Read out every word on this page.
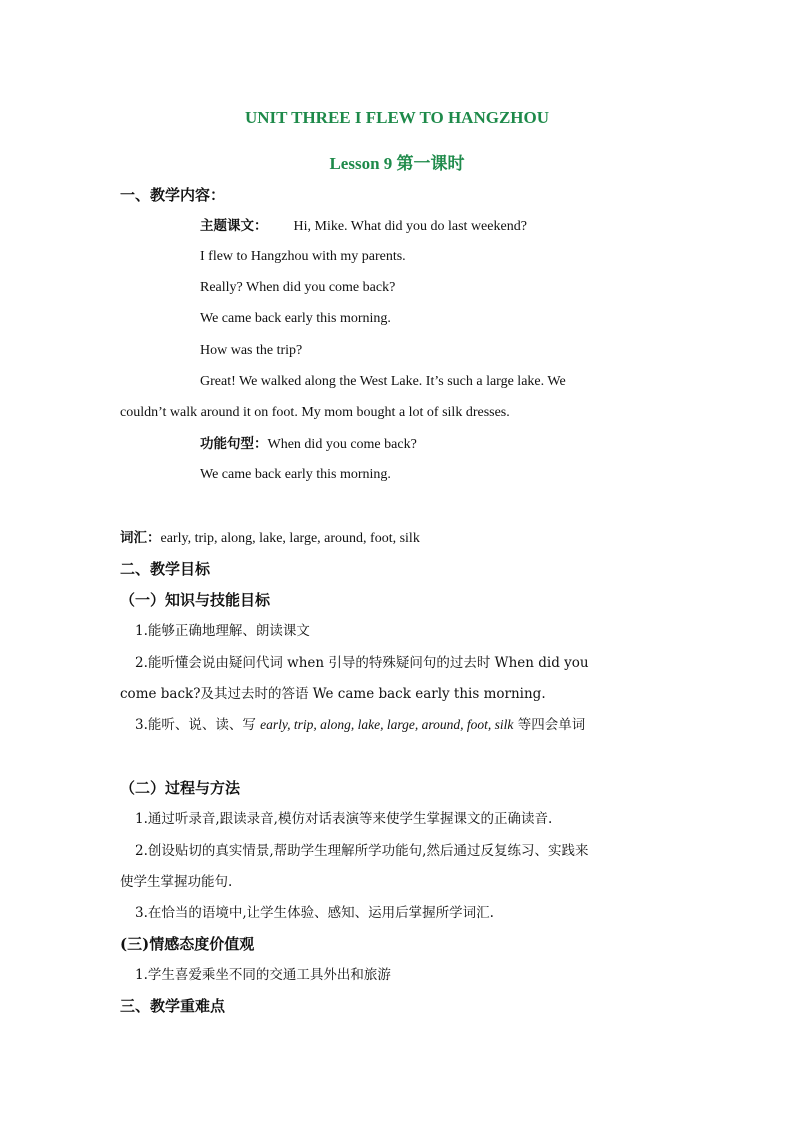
UNIT THREE I FLEW TO HANGZHOU
Lesson 9 第一课时
一、教学内容：
主题课文： Hi, Mike. What did you do last weekend?
I flew to Hangzhou with my parents.
Really? When did you come back?
We came back early this morning.
How was the trip?
Great! We walked along the West Lake. It’s such a large lake. We
couldn’t walk around it on foot. My mom bought a lot of silk dresses.
功能句型：When did you come back?
We came back early this morning.
词汇：early, trip, along, lake, large, around, foot, silk
二、教学目标
（一）知识与技能目标
1.能够正确地理解、朗读课文
2.能听懂会说由疑问代词 when 引导的特殊疑问句的过去时 When did you
come back?及其过去时的答语 We came back early this morning.
3.能听、说、读、写 early, trip, along, lake, large, around, foot, silk 等四会单词
（二）过程与方法
1.通过听录音,跟读录音,模仿对话表演等来使学生掌握课文的正确读音.
2.创设贴切的真实情景,帮助学生理解所学功能句,然后通过反复练习、实践来
使学生掌握功能句.
3.在恰当的语境中,让学生体验、感知、运用后掌握所学词汇.
(三)情感态度价值观
1.学生喜爱乘坐不同的交通工具外出和旅游
三、教学重难点
